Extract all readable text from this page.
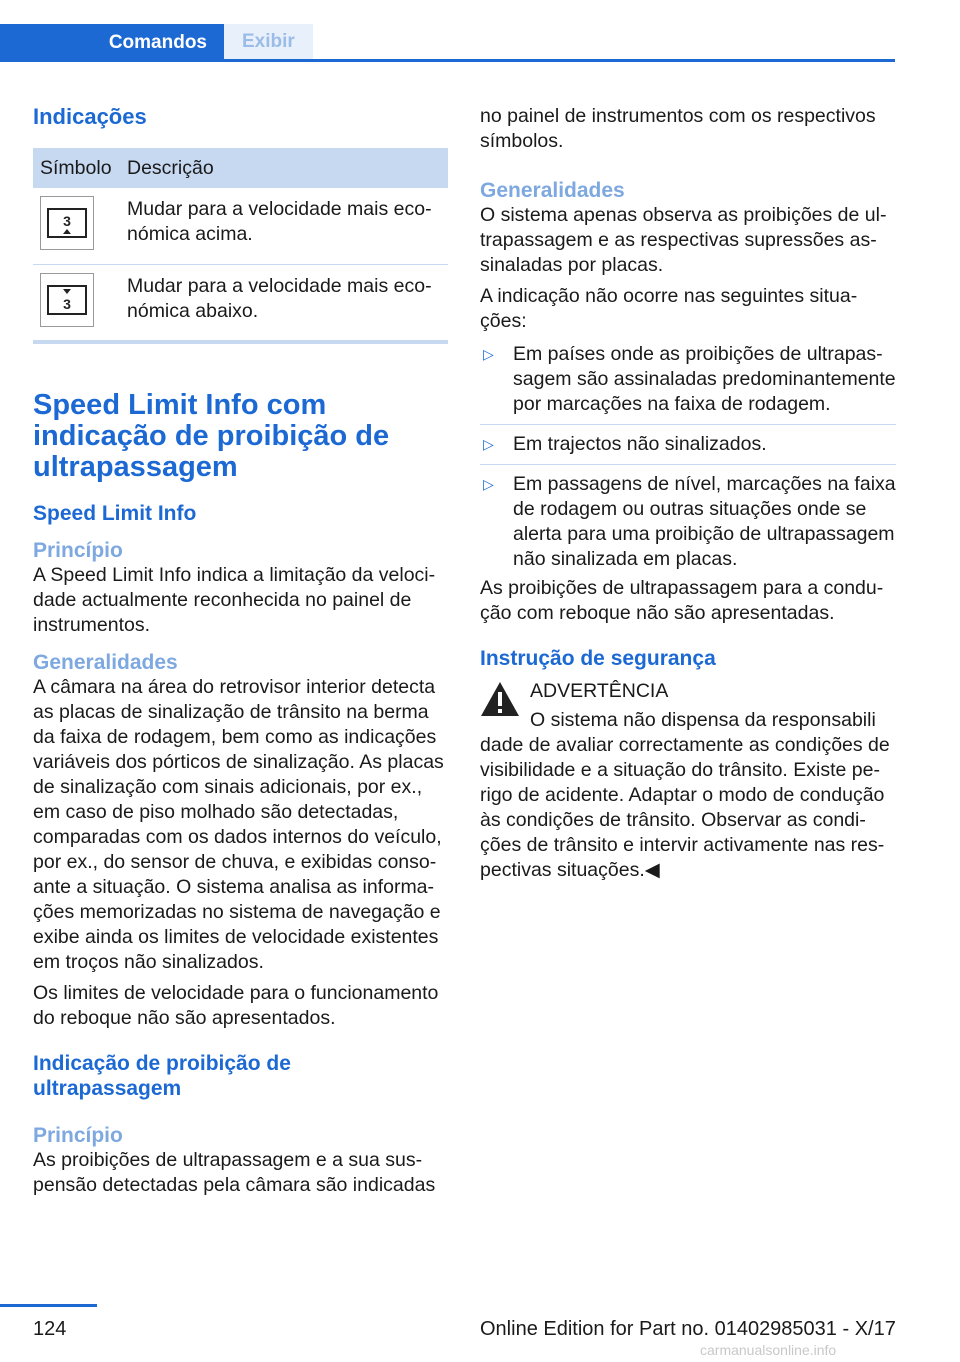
Comandos	Exibir
Indicações
Símbolo	Descrição

3	Mudar para a velocidade mais económica acima.

3	Mudar para a velocidade mais económica abaixo.
Speed Limit Info com indicação de proibição de ultrapassagem
Speed Limit Info
Princípio

A Speed Limit Info indica a limitação da velocidade actualmente reconhecida no painel de instrumentos.

Generalidades

A câmara na área do retrovisor interior detecta as placas de sinalização de trânsito na berma da faixa de rodagem, bem como as indicações variáveis dos pórticos de sinalização. As placas de sinalização com sinais adicionais, por ex., em caso de piso molhado são detectadas, comparadas com os dados internos do veículo, por ex., do sensor de chuva, e exibidas consoante a situação. O sistema analisa as informações memorizadas no sistema de navegação e exibe ainda os limites de velocidade existentes em troços não sinalizados.

Os limites de velocidade para o funcionamento do reboque não são apresentados.

Indicação de proibição de ultrapassagem
Princípio

As proibições de ultrapassagem e a sua suspensão detectadas pela câmara são indicadas

no painel de instrumentos com os respectivos símbolos.

Generalidades

O sistema apenas observa as proibições de ultrapassagem e as respectivas supressões assinaladas por placas.

A indicação não ocorre nas seguintes situações:

▷ Em países onde as proibições de ultrapassagem são assinaladas predominantemente por marcações na faixa de rodagem.
▷ Em trajectos não sinalizados.
▷ Em passagens de nível, marcações na faixa de rodagem ou outras situações onde se alerta para uma proibição de ultrapassagem não sinalizada em placas.

As proibições de ultrapassagem para a condução com reboque não são apresentadas.

Instrução de segurança

ADVERTÊNCIA

O sistema não dispensa da responsabili

dade de avaliar correctamente as condições de visibilidade e a situação do trânsito. Existe perigo de acidente. Adaptar o modo de condução às condições de trânsito. Observar as condições de trânsito e intervir activamente nas respectivas situações.◀

124	Online Edition for Part no. 01402985031 - X/17
carmanualsonline.info
